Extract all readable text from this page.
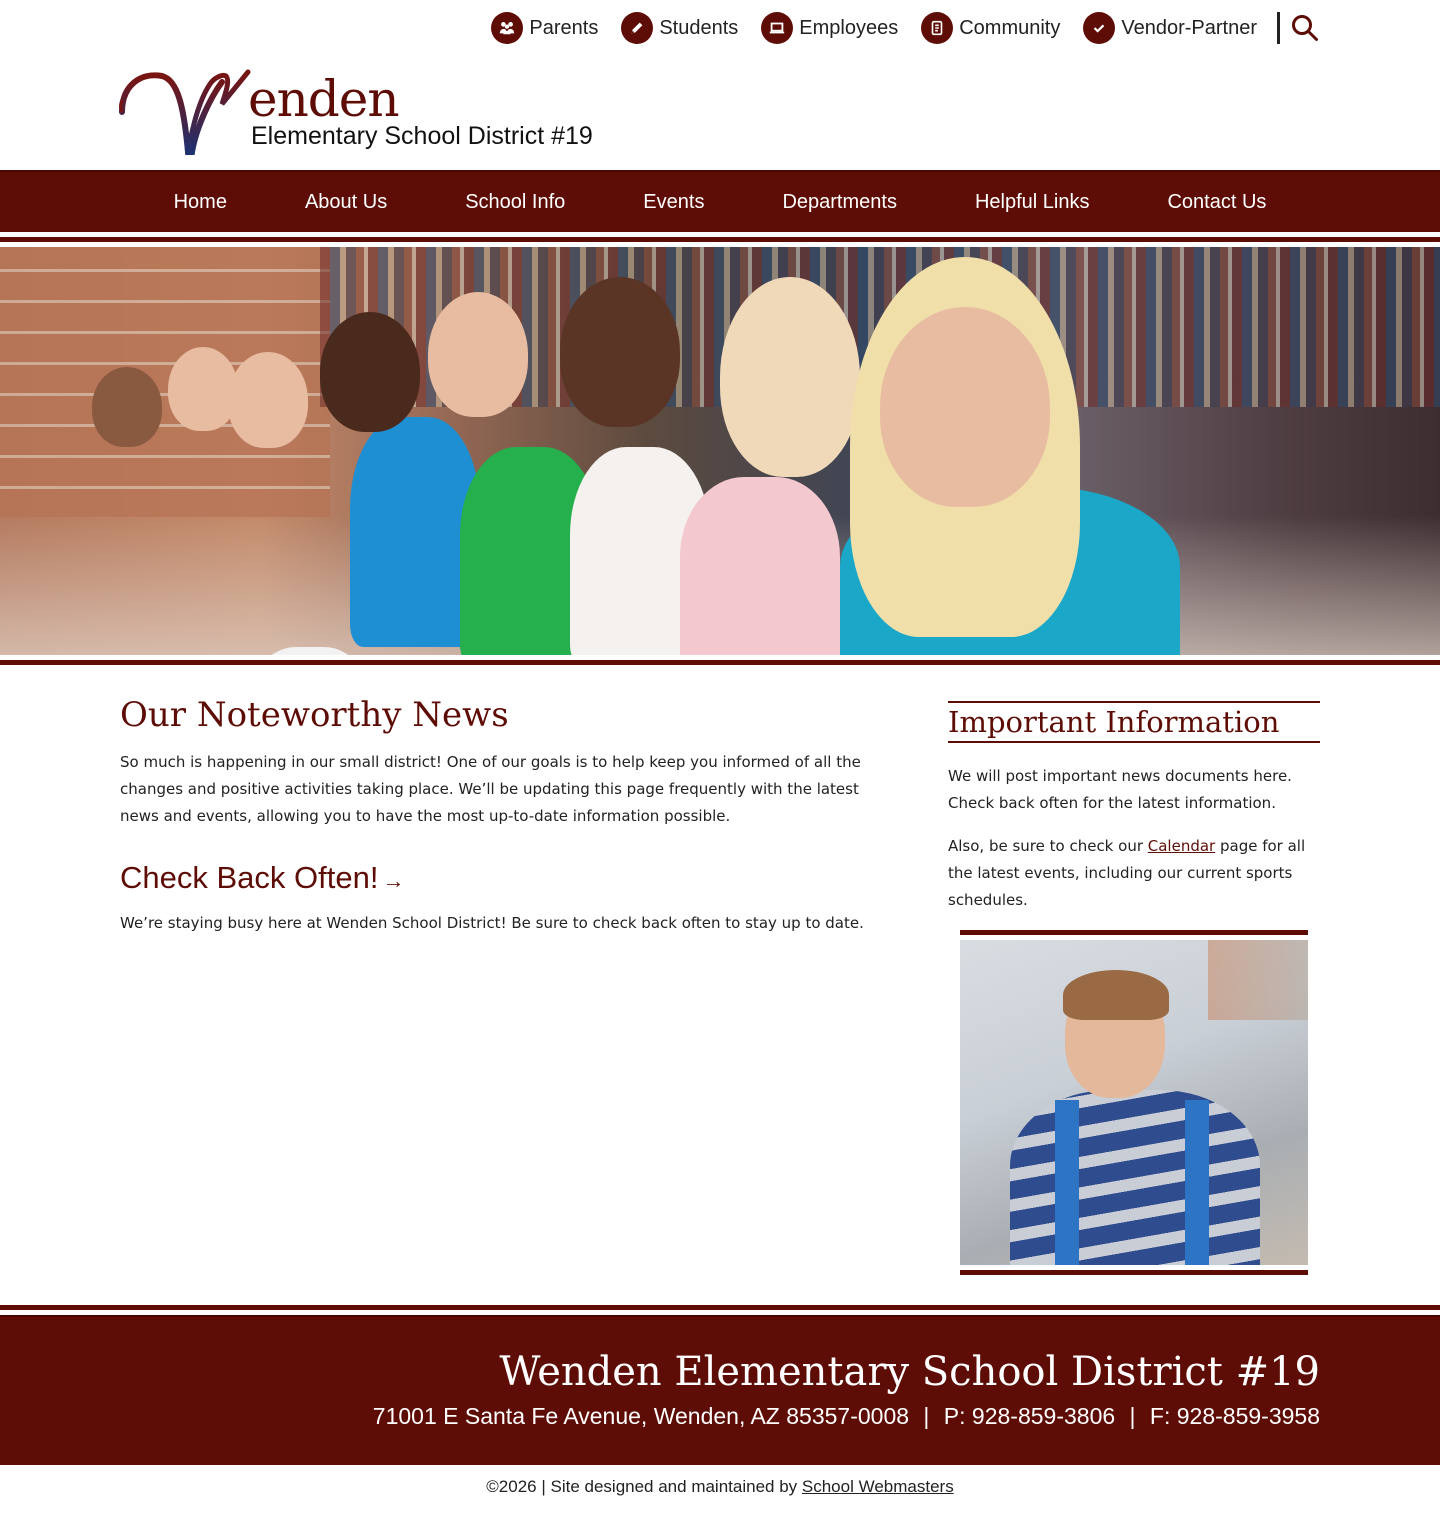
Parents	Students	Employees	Community	Vendor-Partner
enden
Elementary School District #19
Home	About Us	School Info	Events	Departments	Helpful Links	Contact Us
Our Noteworthy News

So much is happening in our small district! One of our goals is to help keep you informed of all the changes and positive activities taking place. We’ll be updating this page frequently with the latest news and events, allowing you to have the most up-to-date information possible.

Check Back Often! →

We’re staying busy here at Wenden School District! Be sure to check back often to stay up to date.

Important Information

We will post important news documents here. Check back often for the latest information.

Also, be sure to check our Calendar page for all the latest events, including our current sports schedules.

Wenden Elementary School District #19
71001 E Santa Fe Avenue, Wenden, AZ 85357-0008 | P: 928-859-3806 | F: 928-859-3958
©2026 | Site designed and maintained by School Webmasters
